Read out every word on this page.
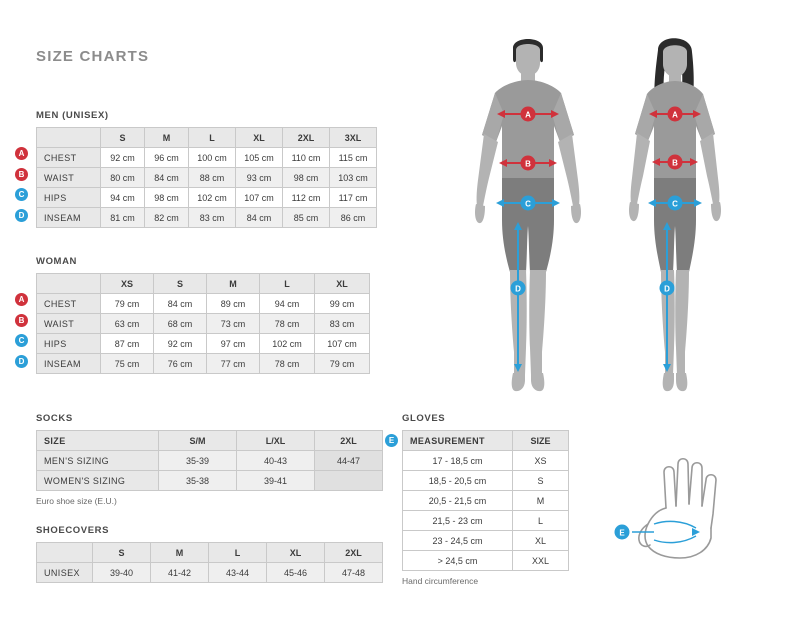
SIZE CHARTS
MEN (UNISEX)
	S	M	L	XL	2XL	3XL
CHEST	92 cm	96 cm	100 cm	105 cm	110 cm	115 cm
WAIST	80 cm	84 cm	88 cm	93 cm	98 cm	103 cm
HIPS	94 cm	98 cm	102 cm	107 cm	112 cm	117 cm
INSEAM	81 cm	82 cm	83 cm	84 cm	85 cm	86 cm
A
B
C
D
WOMAN
	XS	S	M	L	XL
CHEST	79 cm	84 cm	89 cm	94 cm	99 cm
WAIST	63 cm	68 cm	73 cm	78 cm	83 cm
HIPS	87 cm	92 cm	97 cm	102 cm	107 cm
INSEAM	75 cm	76 cm	77 cm	78 cm	79 cm
A
B
C
D
SOCKS
SIZE	S/M	L/XL	2XL
MEN'S SIZING	35-39	40-43	44-47
WOMEN'S SIZING	35-38	39-41	
Euro shoe size (E.U.)
SHOECOVERS
	S	M	L	XL	2XL
UNISEX	39-40	41-42	43-44	45-46	47-48
GLOVES
MEASUREMENT	SIZE
17 - 18,5 cm	XS
18,5 - 20,5 cm	S
20,5 - 21,5 cm	M
21,5 - 23 cm	L
23 - 24,5 cm	XL
> 24,5 cm	XXL
Hand circumference
E
A
B
C
D
A
B
C
D
E
